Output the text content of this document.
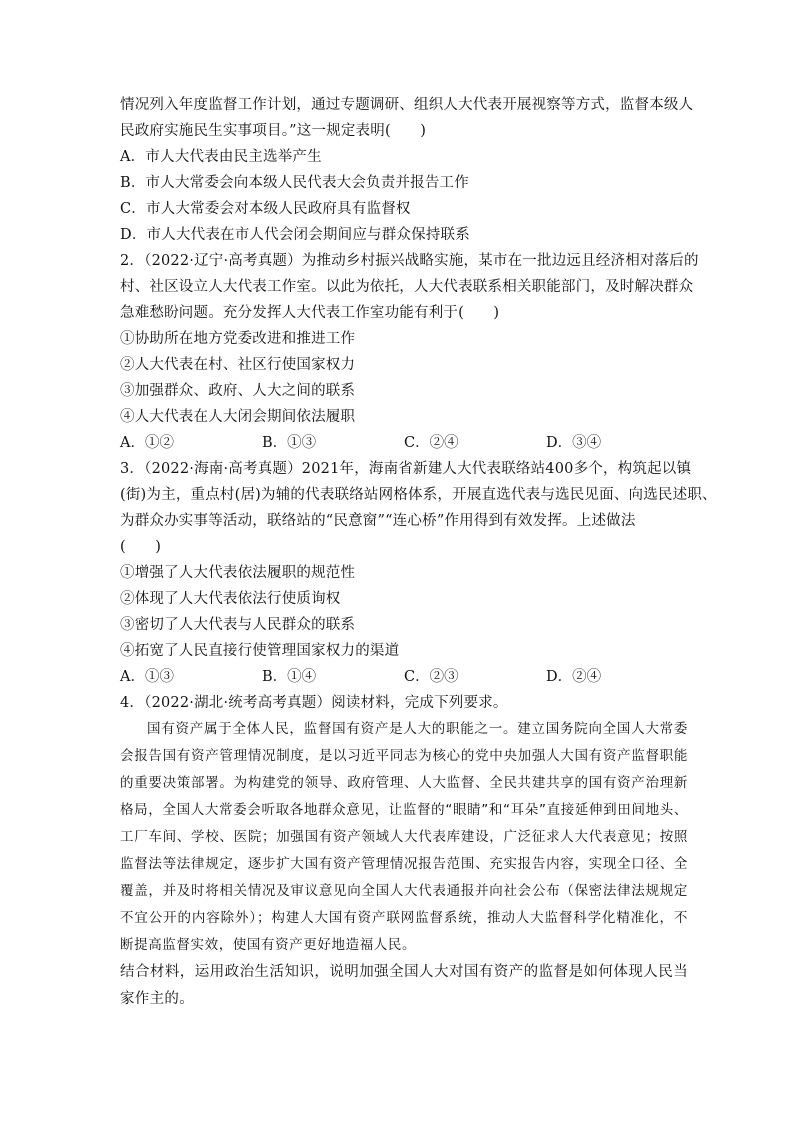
情况列入年度监督工作计划，通过专题调研、组织人大代表开展视察等方式，监督本级人
民政府实施民生实事项目。”这一规定表明(　　)
A．市人大代表由民主选举产生
B．市人大常委会向本级人民代表大会负责并报告工作
C．市人大常委会对本级人民政府具有监督权
D．市人大代表在市人代会闭会期间应与群众保持联系
2．（2022·辽宁·高考真题）为推动乡村振兴战略实施，某市在一批边远且经济相对落后的
村、社区设立人大代表工作室。以此为依托，人大代表联系相关职能部门，及时解决群众
急难愁盼问题。充分发挥人大代表工作室功能有利于(　　)
①协助所在地方党委改进和推进工作
②人大代表在村、社区行使国家权力
③加强群众、政府、人大之间的联系
④人大代表在人大闭会期间依法履职
A．①②	B．①③	C．②④	D．③④
3．（2022·海南·高考真题）2021年，海南省新建人大代表联络站400多个，构筑起以镇
(街)为主，重点村(居)为辅的代表联络站网格体系，开展直选代表与选民见面、向选民述职、
为群众办实事等活动，联络站的“民意窗”“连心桥”作用得到有效发挥。上述做法
(　　)
①增强了人大代表依法履职的规范性
②体现了人大代表依法行使质询权
③密切了人大代表与人民群众的联系
④拓宽了人民直接行使管理国家权力的渠道
A．①③	B．①④	C．②③	D．②④
4．（2022·湖北·统考高考真题）阅读材料，完成下列要求。
国有资产属于全体人民，监督国有资产是人大的职能之一。建立国务院向全国人大常委会报告国有资产管理情况制度，是以习近平同志为核心的党中央加强人大国有资产监督职能的重要决策部署。为构建党的领导、政府管理、人大监督、全民共建共享的国有资产治理新格局，全国人大常委会听取各地群众意见，让监督的“眼睛”和“耳朵”直接延伸到田间地头、工厂车间、学校、医院；加强国有资产领域人大代表库建设，广泛征求人大代表意见；按照监督法等法律规定，逐步扩大国有资产管理情况报告范围、充实报告内容，实现全口径、全覆盖，并及时将相关情况及审议意见向全国人大代表通报并向社会公布（保密法律法规规定不宜公开的内容除外）；构建人大国有资产联网监督系统，推动人大监督科学化精准化，不断提高监督实效，使国有资产更好地造福人民。
结合材料，运用政治生活知识，说明加强全国人大对国有资产的监督是如何体现人民当家作主的。
